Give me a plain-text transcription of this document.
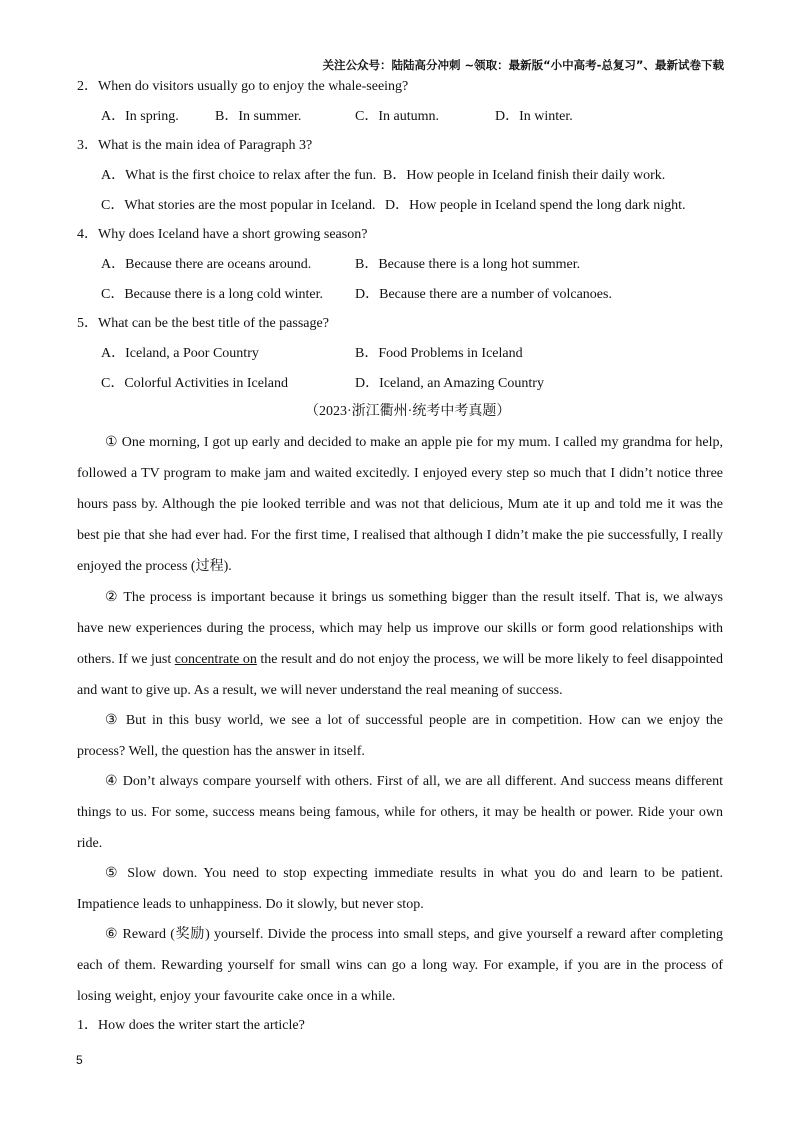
关注公众号：陆陆高分冲刺 ~领取：最新版“小中高考-总复习”、最新试卷下载
2．When do visitors usually go to enjoy the whale-seeing?
A．In spring.	B．In summer.	C．In autumn.	D．In winter.
3．What is the main idea of Paragraph 3?
A．What is the first choice to relax after the fun. B．How people in Iceland finish their daily work.
C．What stories are the most popular in Iceland. D．How people in Iceland spend the long dark night.
4．Why does Iceland have a short growing season?
A．Because there are oceans around.	B．Because there is a long hot summer.
C．Because there is a long cold winter. D．Because there are a number of volcanoes.
5．What can be the best title of the passage?
A．Iceland, a Poor Country	B．Food Problems in Iceland
C．Colorful Activities in Iceland	D．Iceland, an Amazing Country
（2023·浙江衢州·统考中考真题）
① One morning, I got up early and decided to make an apple pie for my mum. I called my grandma for help, followed a TV program to make jam and waited excitedly. I enjoyed every step so much that I didn’t notice three hours pass by. Although the pie looked terrible and was not that delicious, Mum ate it up and told me it was the best pie that she had ever had. For the first time, I realised that although I didn’t make the pie successfully, I really enjoyed the process (过程).
② The process is important because it brings us something bigger than the result itself. That is, we always have new experiences during the process, which may help us improve our skills or form good relationships with others. If we just concentrate on the result and do not enjoy the process, we will be more likely to feel disappointed and want to give up. As a result, we will never understand the real meaning of success.
③ But in this busy world, we see a lot of successful people are in competition. How can we enjoy the process? Well, the question has the answer in itself.
④ Don’t always compare yourself with others. First of all, we are all different. And success means different things to us. For some, success means being famous, while for others, it may be health or power. Ride your own ride.
⑤ Slow down. You need to stop expecting immediate results in what you do and learn to be patient. Impatience leads to unhappiness. Do it slowly, but never stop.
⑥ Reward (奖励) yourself. Divide the process into small steps, and give yourself a reward after completing each of them. Rewarding yourself for small wins can go a long way. For example, if you are in the process of losing weight, enjoy your favourite cake once in a while.
1．How does the writer start the article?
5
